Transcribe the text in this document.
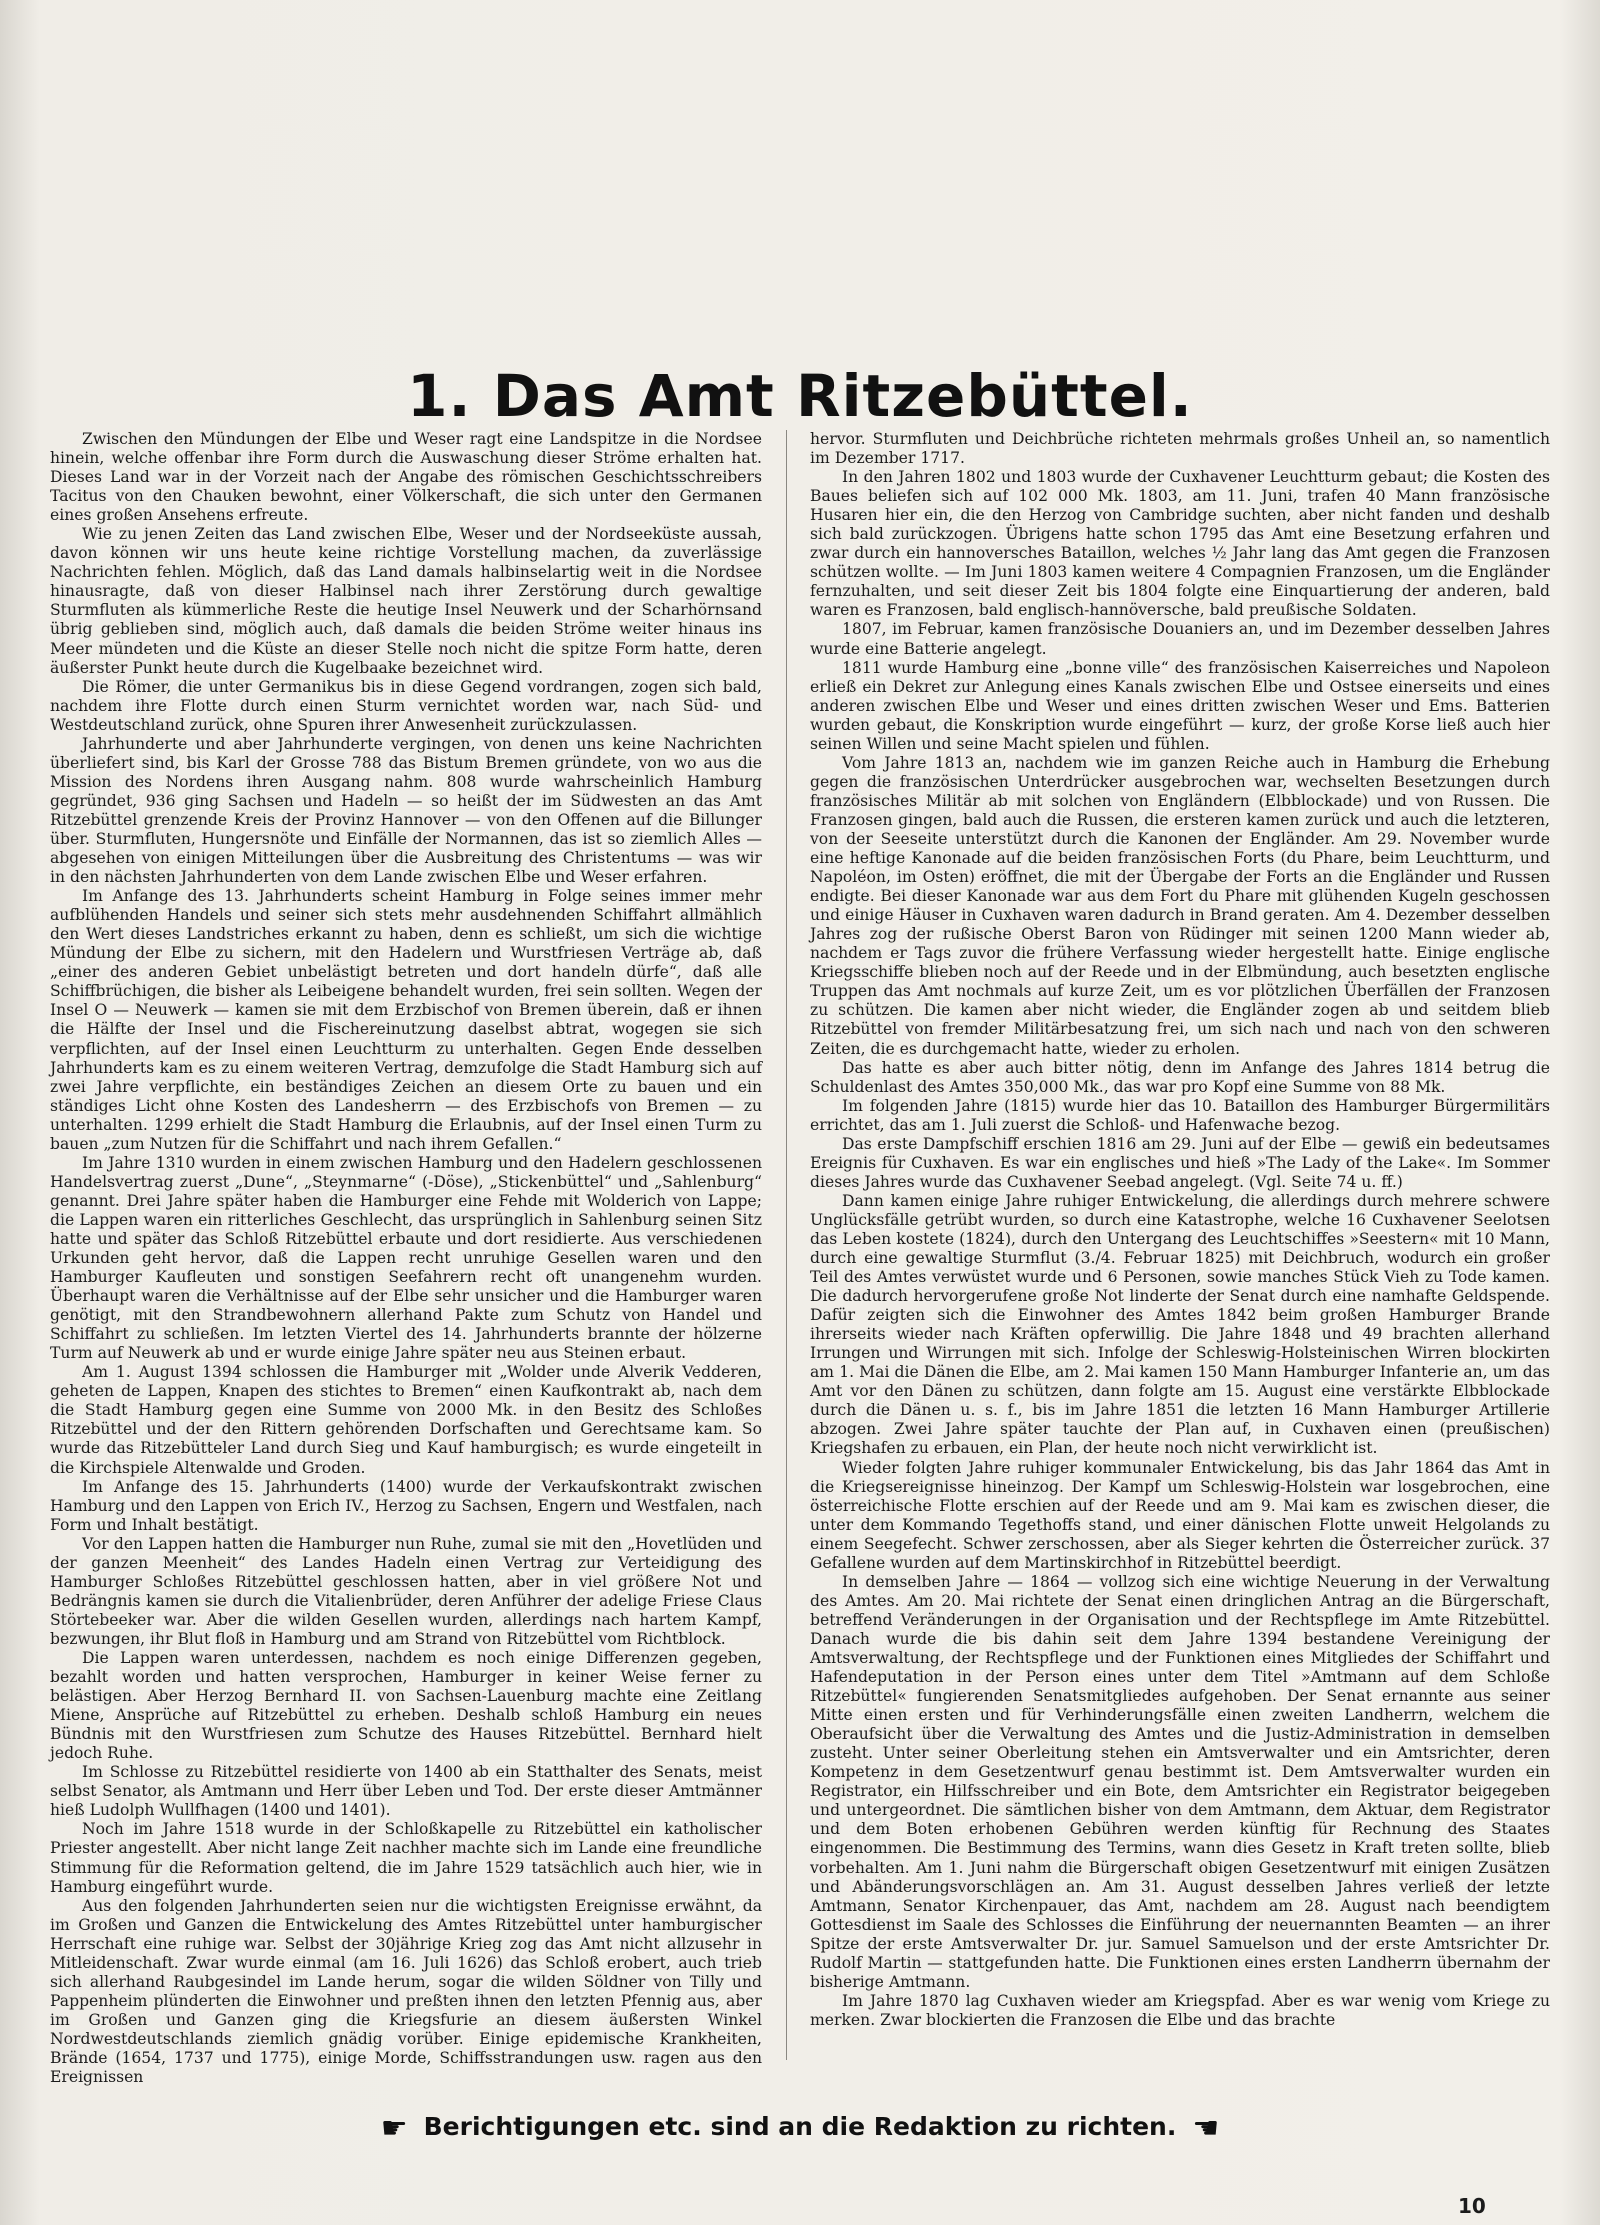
1. Das Amt Ritzebüttel.

Zwischen den Mündungen der Elbe und Weser ragt eine Landspitze in die Nordsee hinein, welche offenbar ihre Form durch die Auswaschung dieser Ströme erhalten hat. Dieses Land war in der Vorzeit nach der Angabe des römischen Geschichtsschreibers Tacitus von den Chauken bewohnt, einer Völkerschaft, die sich unter den Germanen eines großen Ansehens erfreute.

Wie zu jenen Zeiten das Land zwischen Elbe, Weser und der Nordseeküste aussah, davon können wir uns heute keine richtige Vorstellung machen, da zuverlässige Nachrichten fehlen. Möglich, daß das Land damals halbinselartig weit in die Nordsee hinausragte, daß von dieser Halbinsel nach ihrer Zerstörung durch gewaltige Sturmfluten als kümmerliche Reste die heutige Insel Neuwerk und der Scharhörnsand übrig geblieben sind, möglich auch, daß damals die beiden Ströme weiter hinaus ins Meer mündeten und die Küste an dieser Stelle noch nicht die spitze Form hatte, deren äußerster Punkt heute durch die Kugelbaake bezeichnet wird.

Die Römer, die unter Germanikus bis in diese Gegend vordrangen, zogen sich bald, nachdem ihre Flotte durch einen Sturm vernichtet worden war, nach Süd- und Westdeutschland zurück, ohne Spuren ihrer Anwesenheit zurückzulassen.

Jahrhunderte und aber Jahrhunderte vergingen, von denen uns keine Nachrichten überliefert sind, bis Karl der Grosse 788 das Bistum Bremen gründete, von wo aus die Mission des Nordens ihren Ausgang nahm. 808 wurde wahrscheinlich Hamburg gegründet, 936 ging Sachsen und Hadeln — so heißt der im Südwesten an das Amt Ritzebüttel grenzende Kreis der Provinz Hannover — von den Offenen auf die Billunger über. Sturmfluten, Hungersnöte und Einfälle der Normannen, das ist so ziemlich Alles — abgesehen von einigen Mitteilungen über die Ausbreitung des Christentums — was wir in den nächsten Jahrhunderten von dem Lande zwischen Elbe und Weser erfahren.

Im Anfange des 13. Jahrhunderts scheint Hamburg in Folge seines immer mehr aufblühenden Handels und seiner sich stets mehr ausdehnenden Schiffahrt allmählich den Wert dieses Landstriches erkannt zu haben, denn es schließt, um sich die wichtige Mündung der Elbe zu sichern, mit den Hadelern und Wurstfriesen Verträge ab, daß „einer des anderen Gebiet unbelästigt betreten und dort handeln dürfe“, daß alle Schiffbrüchigen, die bisher als Leibeigene behandelt wurden, frei sein sollten. Wegen der Insel O — Neuwerk — kamen sie mit dem Erzbischof von Bremen überein, daß er ihnen die Hälfte der Insel und die Fischereinutzung daselbst abtrat, wogegen sie sich verpflichten, auf der Insel einen Leuchtturm zu unterhalten. Gegen Ende desselben Jahrhunderts kam es zu einem weiteren Vertrag, demzufolge die Stadt Hamburg sich auf zwei Jahre verpflichte, ein beständiges Zeichen an diesem Orte zu bauen und ein ständiges Licht ohne Kosten des Landesherrn — des Erzbischofs von Bremen — zu unterhalten. 1299 erhielt die Stadt Hamburg die Erlaubnis, auf der Insel einen Turm zu bauen „zum Nutzen für die Schiffahrt und nach ihrem Gefallen.“

Im Jahre 1310 wurden in einem zwischen Hamburg und den Hadelern geschlossenen Handelsvertrag zuerst „Dune“, „Steynmarne“ (-Döse), „Stickenbüttel“ und „Sahlenburg“ genannt. Drei Jahre später haben die Hamburger eine Fehde mit Wolderich von Lappe; die Lappen waren ein ritterliches Geschlecht, das ursprünglich in Sahlenburg seinen Sitz hatte und später das Schloß Ritzebüttel erbaute und dort residierte. Aus verschiedenen Urkunden geht hervor, daß die Lappen recht unruhige Gesellen waren und den Hamburger Kaufleuten und sonstigen Seefahrern recht oft unangenehm wurden. Überhaupt waren die Verhältnisse auf der Elbe sehr unsicher und die Hamburger waren genötigt, mit den Strandbewohnern allerhand Pakte zum Schutz von Handel und Schiffahrt zu schließen. Im letzten Viertel des 14. Jahrhunderts brannte der hölzerne Turm auf Neuwerk ab und er wurde einige Jahre später neu aus Steinen erbaut.

Am 1. August 1394 schlossen die Hamburger mit „Wolder unde Alverik Vedderen, geheten de Lappen, Knapen des stichtes to Bremen“ einen Kaufkontrakt ab, nach dem die Stadt Hamburg gegen eine Summe von 2000 Mk. in den Besitz des Schloßes Ritzebüttel und der den Rittern gehörenden Dorfschaften und Gerechtsame kam. So wurde das Ritzebütteler Land durch Sieg und Kauf hamburgisch; es wurde eingeteilt in die Kirchspiele Altenwalde und Groden.

Im Anfange des 15. Jahrhunderts (1400) wurde der Verkaufskontrakt zwischen Hamburg und den Lappen von Erich IV., Herzog zu Sachsen, Engern und Westfalen, nach Form und Inhalt bestätigt.

Vor den Lappen hatten die Hamburger nun Ruhe, zumal sie mit den „Hovetlüden und der ganzen Meenheit“ des Landes Hadeln einen Vertrag zur Verteidigung des Hamburger Schloßes Ritzebüttel geschlossen hatten, aber in viel größere Not und Bedrängnis kamen sie durch die Vitalienbrüder, deren Anführer der adelige Friese Claus Störtebeeker war. Aber die wilden Gesellen wurden, allerdings nach hartem Kampf, bezwungen, ihr Blut floß in Hamburg und am Strand von Ritzebüttel vom Richtblock.

Die Lappen waren unterdessen, nachdem es noch einige Differenzen gegeben, bezahlt worden und hatten versprochen, Hamburger in keiner Weise ferner zu belästigen. Aber Herzog Bernhard II. von Sachsen-Lauenburg machte eine Zeitlang Miene, Ansprüche auf Ritzebüttel zu erheben. Deshalb schloß Hamburg ein neues Bündnis mit den Wurstfriesen zum Schutze des Hauses Ritzebüttel. Bernhard hielt jedoch Ruhe.

Im Schlosse zu Ritzebüttel residierte von 1400 ab ein Statthalter des Senats, meist selbst Senator, als Amtmann und Herr über Leben und Tod. Der erste dieser Amtmänner hieß Ludolph Wullfhagen (1400 und 1401).

Noch im Jahre 1518 wurde in der Schloßkapelle zu Ritzebüttel ein katholischer Priester angestellt. Aber nicht lange Zeit nachher machte sich im Lande eine freundliche Stimmung für die Reformation geltend, die im Jahre 1529 tatsächlich auch hier, wie in Hamburg eingeführt wurde.

Aus den folgenden Jahrhunderten seien nur die wichtigsten Ereignisse erwähnt, da im Großen und Ganzen die Entwickelung des Amtes Ritzebüttel unter hamburgischer Herrschaft eine ruhige war. Selbst der 30jährige Krieg zog das Amt nicht allzusehr in Mitleidenschaft. Zwar wurde einmal (am 16. Juli 1626) das Schloß erobert, auch trieb sich allerhand Raubgesindel im Lande herum, sogar die wilden Söldner von Tilly und Pappenheim plünderten die Einwohner und preßten ihnen den letzten Pfennig aus, aber im Großen und Ganzen ging die Kriegsfurie an diesem äußersten Winkel Nordwestdeutschlands ziemlich gnädig vorüber. Einige epidemische Krankheiten, Brände (1654, 1737 und 1775), einige Morde, Schiffsstrandungen usw. ragen aus den Ereignissen

hervor. Sturmfluten und Deichbrüche richteten mehrmals großes Unheil an, so namentlich im Dezember 1717.

In den Jahren 1802 und 1803 wurde der Cuxhavener Leuchtturm gebaut; die Kosten des Baues beliefen sich auf 102 000 Mk. 1803, am 11. Juni, trafen 40 Mann französische Husaren hier ein, die den Herzog von Cambridge suchten, aber nicht fanden und deshalb sich bald zurückzogen. Übrigens hatte schon 1795 das Amt eine Besetzung erfahren und zwar durch ein hannoversches Bataillon, welches ½ Jahr lang das Amt gegen die Franzosen schützen wollte. — Im Juni 1803 kamen weitere 4 Compagnien Franzosen, um die Engländer fernzuhalten, und seit dieser Zeit bis 1804 folgte eine Einquartierung der anderen, bald waren es Franzosen, bald englisch-hannöversche, bald preußische Soldaten.

1807, im Februar, kamen französische Douaniers an, und im Dezember desselben Jahres wurde eine Batterie angelegt.

1811 wurde Hamburg eine „bonne ville“ des französischen Kaiserreiches und Napoleon erließ ein Dekret zur Anlegung eines Kanals zwischen Elbe und Ostsee einerseits und eines anderen zwischen Elbe und Weser und eines dritten zwischen Weser und Ems. Batterien wurden gebaut, die Konskription wurde eingeführt — kurz, der große Korse ließ auch hier seinen Willen und seine Macht spielen und fühlen.

Vom Jahre 1813 an, nachdem wie im ganzen Reiche auch in Hamburg die Erhebung gegen die französischen Unterdrücker ausgebrochen war, wechselten Besetzungen durch französisches Militär ab mit solchen von Engländern (Elbblockade) und von Russen. Die Franzosen gingen, bald auch die Russen, die ersteren kamen zurück und auch die letzteren, von der Seeseite unterstützt durch die Kanonen der Engländer. Am 29. November wurde eine heftige Kanonade auf die beiden französischen Forts (du Phare, beim Leuchtturm, und Napoléon, im Osten) eröffnet, die mit der Übergabe der Forts an die Engländer und Russen endigte. Bei dieser Kanonade war aus dem Fort du Phare mit glühenden Kugeln geschossen und einige Häuser in Cuxhaven waren dadurch in Brand geraten. Am 4. Dezember desselben Jahres zog der rußische Oberst Baron von Rüdinger mit seinen 1200 Mann wieder ab, nachdem er Tags zuvor die frühere Verfassung wieder hergestellt hatte. Einige englische Kriegsschiffe blieben noch auf der Reede und in der Elbmündung, auch besetzten englische Truppen das Amt nochmals auf kurze Zeit, um es vor plötzlichen Überfällen der Franzosen zu schützen. Die kamen aber nicht wieder, die Engländer zogen ab und seitdem blieb Ritzebüttel von fremder Militärbesatzung frei, um sich nach und nach von den schweren Zeiten, die es durchgemacht hatte, wieder zu erholen.

Das hatte es aber auch bitter nötig, denn im Anfange des Jahres 1814 betrug die Schuldenlast des Amtes 350,000 Mk., das war pro Kopf eine Summe von 88 Mk.

Im folgenden Jahre (1815) wurde hier das 10. Bataillon des Hamburger Bürgermilitärs errichtet, das am 1. Juli zuerst die Schloß- und Hafenwache bezog.

Das erste Dampfschiff erschien 1816 am 29. Juni auf der Elbe — gewiß ein bedeutsames Ereignis für Cuxhaven. Es war ein englisches und hieß »The Lady of the Lake«. Im Sommer dieses Jahres wurde das Cuxhavener Seebad angelegt. (Vgl. Seite 74 u. ff.)

Dann kamen einige Jahre ruhiger Entwickelung, die allerdings durch mehrere schwere Unglücksfälle getrübt wurden, so durch eine Katastrophe, welche 16 Cuxhavener Seelotsen das Leben kostete (1824), durch den Untergang des Leuchtschiffes »Seestern« mit 10 Mann, durch eine gewaltige Sturmflut (3./4. Februar 1825) mit Deichbruch, wodurch ein großer Teil des Amtes verwüstet wurde und 6 Personen, sowie manches Stück Vieh zu Tode kamen. Die dadurch hervorgerufene große Not linderte der Senat durch eine namhafte Geldspende. Dafür zeigten sich die Einwohner des Amtes 1842 beim großen Hamburger Brande ihrerseits wieder nach Kräften opferwillig. Die Jahre 1848 und 49 brachten allerhand Irrungen und Wirrungen mit sich. Infolge der Schleswig-Holsteinischen Wirren blockirten am 1. Mai die Dänen die Elbe, am 2. Mai kamen 150 Mann Hamburger Infanterie an, um das Amt vor den Dänen zu schützen, dann folgte am 15. August eine verstärkte Elbblockade durch die Dänen u. s. f., bis im Jahre 1851 die letzten 16 Mann Hamburger Artillerie abzogen. Zwei Jahre später tauchte der Plan auf, in Cuxhaven einen (preußischen) Kriegshafen zu erbauen, ein Plan, der heute noch nicht verwirklicht ist.

Wieder folgten Jahre ruhiger kommunaler Entwickelung, bis das Jahr 1864 das Amt in die Kriegsereignisse hineinzog. Der Kampf um Schleswig-Holstein war losgebrochen, eine österreichische Flotte erschien auf der Reede und am 9. Mai kam es zwischen dieser, die unter dem Kommando Tegethoffs stand, und einer dänischen Flotte unweit Helgolands zu einem Seegefecht. Schwer zerschossen, aber als Sieger kehrten die Österreicher zurück. 37 Gefallene wurden auf dem Martinskirchhof in Ritzebüttel beerdigt.

In demselben Jahre — 1864 — vollzog sich eine wichtige Neuerung in der Verwaltung des Amtes. Am 20. Mai richtete der Senat einen dringlichen Antrag an die Bürgerschaft, betreffend Veränderungen in der Organisation und der Rechtspflege im Amte Ritzebüttel. Danach wurde die bis dahin seit dem Jahre 1394 bestandene Vereinigung der Amtsverwaltung, der Rechtspflege und der Funktionen eines Mitgliedes der Schiffahrt und Hafendeputation in der Person eines unter dem Titel »Amtmann auf dem Schloße Ritzebüttel« fungierenden Senatsmitgliedes aufgehoben. Der Senat ernannte aus seiner Mitte einen ersten und für Verhinderungsfälle einen zweiten Landherrn, welchem die Oberaufsicht über die Verwaltung des Amtes und die Justiz-Administration in demselben zusteht. Unter seiner Oberleitung stehen ein Amtsverwalter und ein Amtsrichter, deren Kompetenz in dem Gesetzentwurf genau bestimmt ist. Dem Amtsverwalter wurden ein Registrator, ein Hilfsschreiber und ein Bote, dem Amtsrichter ein Registrator beigegeben und untergeordnet. Die sämtlichen bisher von dem Amtmann, dem Aktuar, dem Registrator und dem Boten erhobenen Gebühren werden künftig für Rechnung des Staates eingenommen. Die Bestimmung des Termins, wann dies Gesetz in Kraft treten sollte, blieb vorbehalten. Am 1. Juni nahm die Bürgerschaft obigen Gesetzentwurf mit einigen Zusätzen und Abänderungsvorschlägen an. Am 31. August desselben Jahres verließ der letzte Amtmann, Senator Kirchenpauer, das Amt, nachdem am 28. August nach beendigtem Gottesdienst im Saale des Schlosses die Einführung der neuernannten Beamten — an ihrer Spitze der erste Amtsverwalter Dr. jur. Samuel Samuelson und der erste Amtsrichter Dr. Rudolf Martin — stattgefunden hatte. Die Funktionen eines ersten Landherrn übernahm der bisherige Amtmann.

Im Jahre 1870 lag Cuxhaven wieder am Kriegspfad. Aber es war wenig vom Kriege zu merken. Zwar blockierten die Franzosen die Elbe und das brachte

☛ Berichtigungen etc. sind an die Redaktion zu richten. ☚
10
